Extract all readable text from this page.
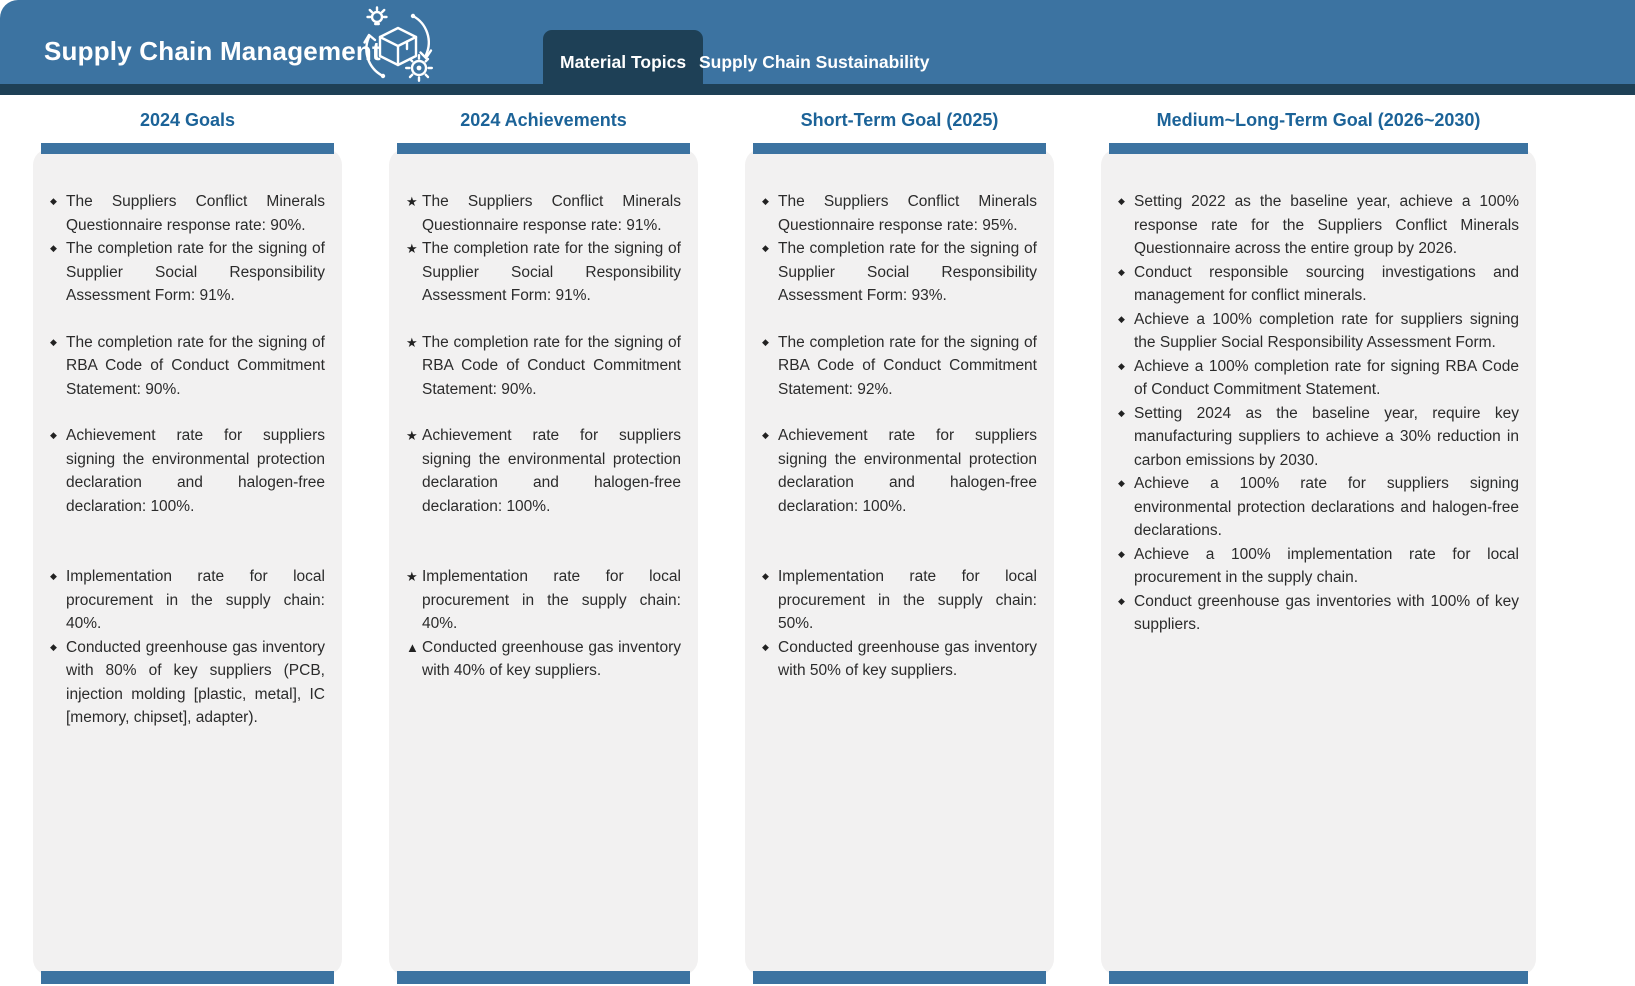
Supply Chain Management	Material Topics Supply Chain Sustainability
2024 Goals
◆ The Suppliers Conflict Minerals Questionnaire response rate: 90%.
◆ The completion rate for the signing of Supplier Social Responsibility Assessment Form: 91%.
◆ The completion rate for the signing of RBA Code of Conduct Commitment Statement: 90%.
◆ Achievement rate for suppliers signing the environmental protection declaration and halogen-free declaration: 100%.
◆ Implementation rate for local procurement in the supply chain: 40%.
◆ Conducted greenhouse gas inventory with 80% of key suppliers (PCB, injection molding [plastic, metal], IC [memory, chipset], adapter).
2024 Achievements
★ The Suppliers Conflict Minerals Questionnaire response rate: 91%.
★ The completion rate for the signing of Supplier Social Responsibility Assessment Form: 91%.
★ The completion rate for the signing of RBA Code of Conduct Commitment Statement: 90%.
★ Achievement rate for suppliers signing the environmental protection declaration and halogen-free declaration: 100%.
★ Implementation rate for local procurement in the supply chain: 40%.
▲ Conducted greenhouse gas inventory with 40% of key suppliers.
Short-Term Goal (2025)
◆ The Suppliers Conflict Minerals Questionnaire response rate: 95%.
◆ The completion rate for the signing of Supplier Social Responsibility Assessment Form: 93%.
◆ The completion rate for the signing of RBA Code of Conduct Commitment Statement: 92%.
◆ Achievement rate for suppliers signing the environmental protection declaration and halogen-free declaration: 100%.
◆ Implementation rate for local procurement in the supply chain: 50%.
◆ Conducted greenhouse gas inventory with 50% of key suppliers.
Medium~Long-Term Goal (2026~2030)
◆ Setting 2022 as the baseline year, achieve a 100% response rate for the Suppliers Conflict Minerals Questionnaire across the entire group by 2026.
◆ Conduct responsible sourcing investigations and management for conflict minerals.
◆ Achieve a 100% completion rate for suppliers signing the Supplier Social Responsibility Assessment Form.
◆ Achieve a 100% completion rate for signing RBA Code of Conduct Commitment Statement.
◆ Setting 2024 as the baseline year, require key manufacturing suppliers to achieve a 30% reduction in carbon emissions by 2030.
◆ Achieve a 100% rate for suppliers signing environmental protection declarations and halogen-free declarations.
◆ Achieve a 100% implementation rate for local procurement in the supply chain.
◆ Conduct greenhouse gas inventories with 100% of key suppliers.
